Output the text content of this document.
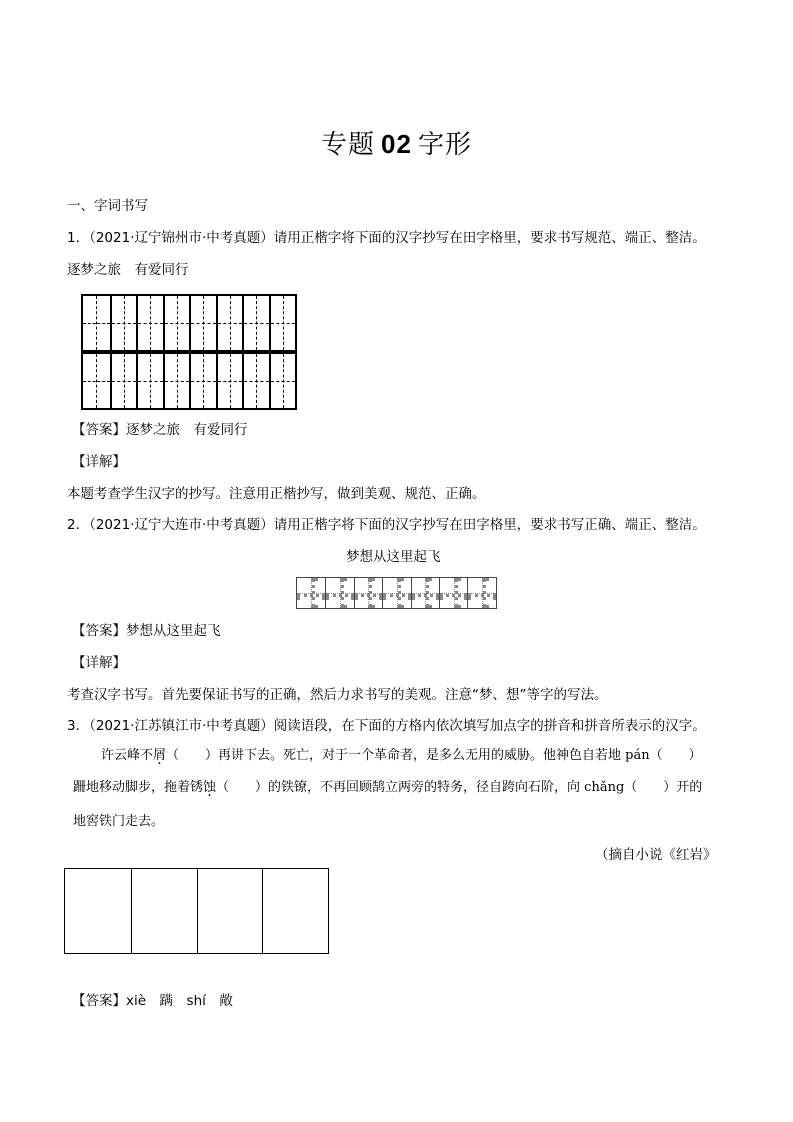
专题 02 字形
一、字词书写
1．（2021·辽宁锦州市·中考真题）请用正楷字将下面的汉字抄写在田字格里，要求书写规范、端正、整洁。
逐梦之旅　有爱同行
【答案】逐梦之旅　有爱同行
【详解】
本题考查学生汉字的抄写。注意用正楷抄写，做到美观、规范、正确。
2．（2021·辽宁大连市·中考真题）请用正楷字将下面的汉字抄写在田字格里，要求书写正确、端正、整洁。
梦想从这里起飞
【答案】梦想从这里起飞
【详解】
考查汉字书写。首先要保证书写的正确，然后力求书写的美观。注意“梦、想”等字的写法。
3．（2021·江苏镇江市·中考真题）阅读语段，在下面的方格内依次填写加点字的拼音和拼音所表示的汉字。
许云峰不屑（　　）再讲下去。死亡，对于一个革命者，是多么无用的威胁。他神色自若地 pán（　　）
跚地移动脚步，拖着锈蚀（　　）的铁镣，不再回顾鹄立两旁的特务，径自跨向石阶，向 chǎng（　　）开的
地窖铁门走去。
（摘自小说《红岩》
【答案】xiè　蹒　shí　敞
